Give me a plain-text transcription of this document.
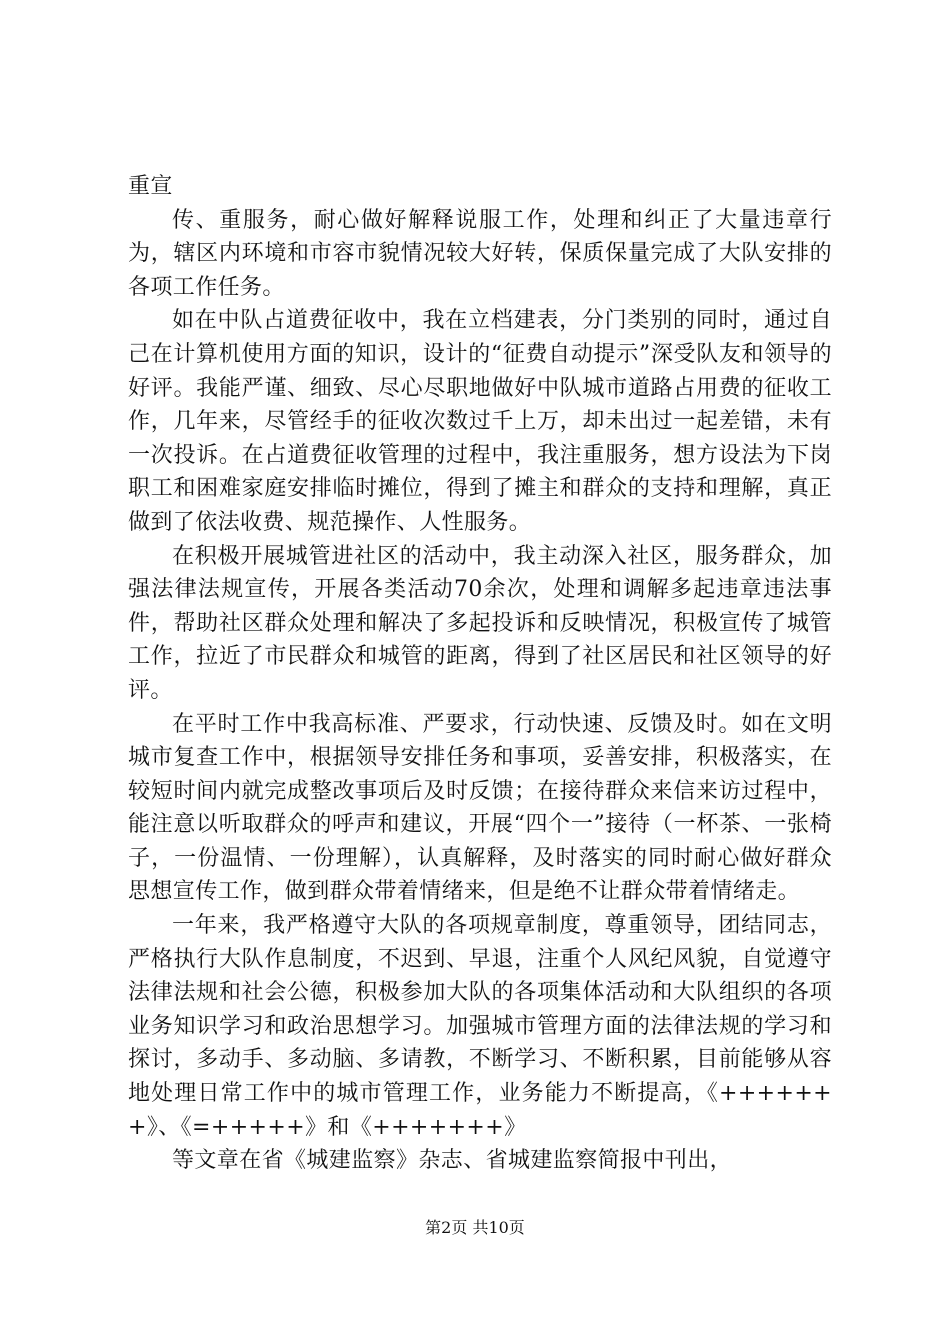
重宣

传、重服务，耐心做好解释说服工作，处理和纠正了大量违章行为，辖区内环境和市容市貌情况较大好转，保质保量完成了大队安排的各项工作任务。

如在中队占道费征收中，我在立档建表，分门类别的同时，通过自己在计算机使用方面的知识，设计的“征费自动提示”深受队友和领导的好评。我能严谨、细致、尽心尽职地做好中队城市道路占用费的征收工作，几年来，尽管经手的征收次数过千上万，却未出过一起差错，未有一次投诉。在占道费征收管理的过程中，我注重服务，想方设法为下岗职工和困难家庭安排临时摊位，得到了摊主和群众的支持和理解，真正做到了依法收费、规范操作、人性服务。

在积极开展城管进社区的活动中，我主动深入社区，服务群众，加强法律法规宣传，开展各类活动70余次，处理和调解多起违章违法事件，帮助社区群众处理和解决了多起投诉和反映情况，积极宣传了城管工作，拉近了市民群众和城管的距离，得到了社区居民和社区领导的好评。

在平时工作中我高标准、严要求，行动快速、反馈及时。如在文明城市复查工作中，根据领导安排任务和事项，妥善安排，积极落实，在较短时间内就完成整改事项后及时反馈；在接待群众来信来访过程中，能注意以听取群众的呼声和建议，开展“四个一”接待（一杯茶、一张椅子，一份温情、一份理解），认真解释，及时落实的同时耐心做好群众思想宣传工作，做到群众带着情绪来，但是绝不让群众带着情绪走。

一年来，我严格遵守大队的各项规章制度，尊重领导，团结同志，严格执行大队作息制度，不迟到、早退，注重个人风纪风貌，自觉遵守法律法规和社会公德，积极参加大队的各项集体活动和大队组织的各项业务知识学习和政治思想学习。加强城市管理方面的法律法规的学习和探讨，多动手、多动脑、多请教，不断学习、不断积累，目前能够从容地处理日常工作中的城市管理工作，业务能力不断提高，《+++++++》、《=+++++》和《+++++++》

等文章在省《城建监察》杂志、省城建监察简报中刊出，

第2页 共10页
